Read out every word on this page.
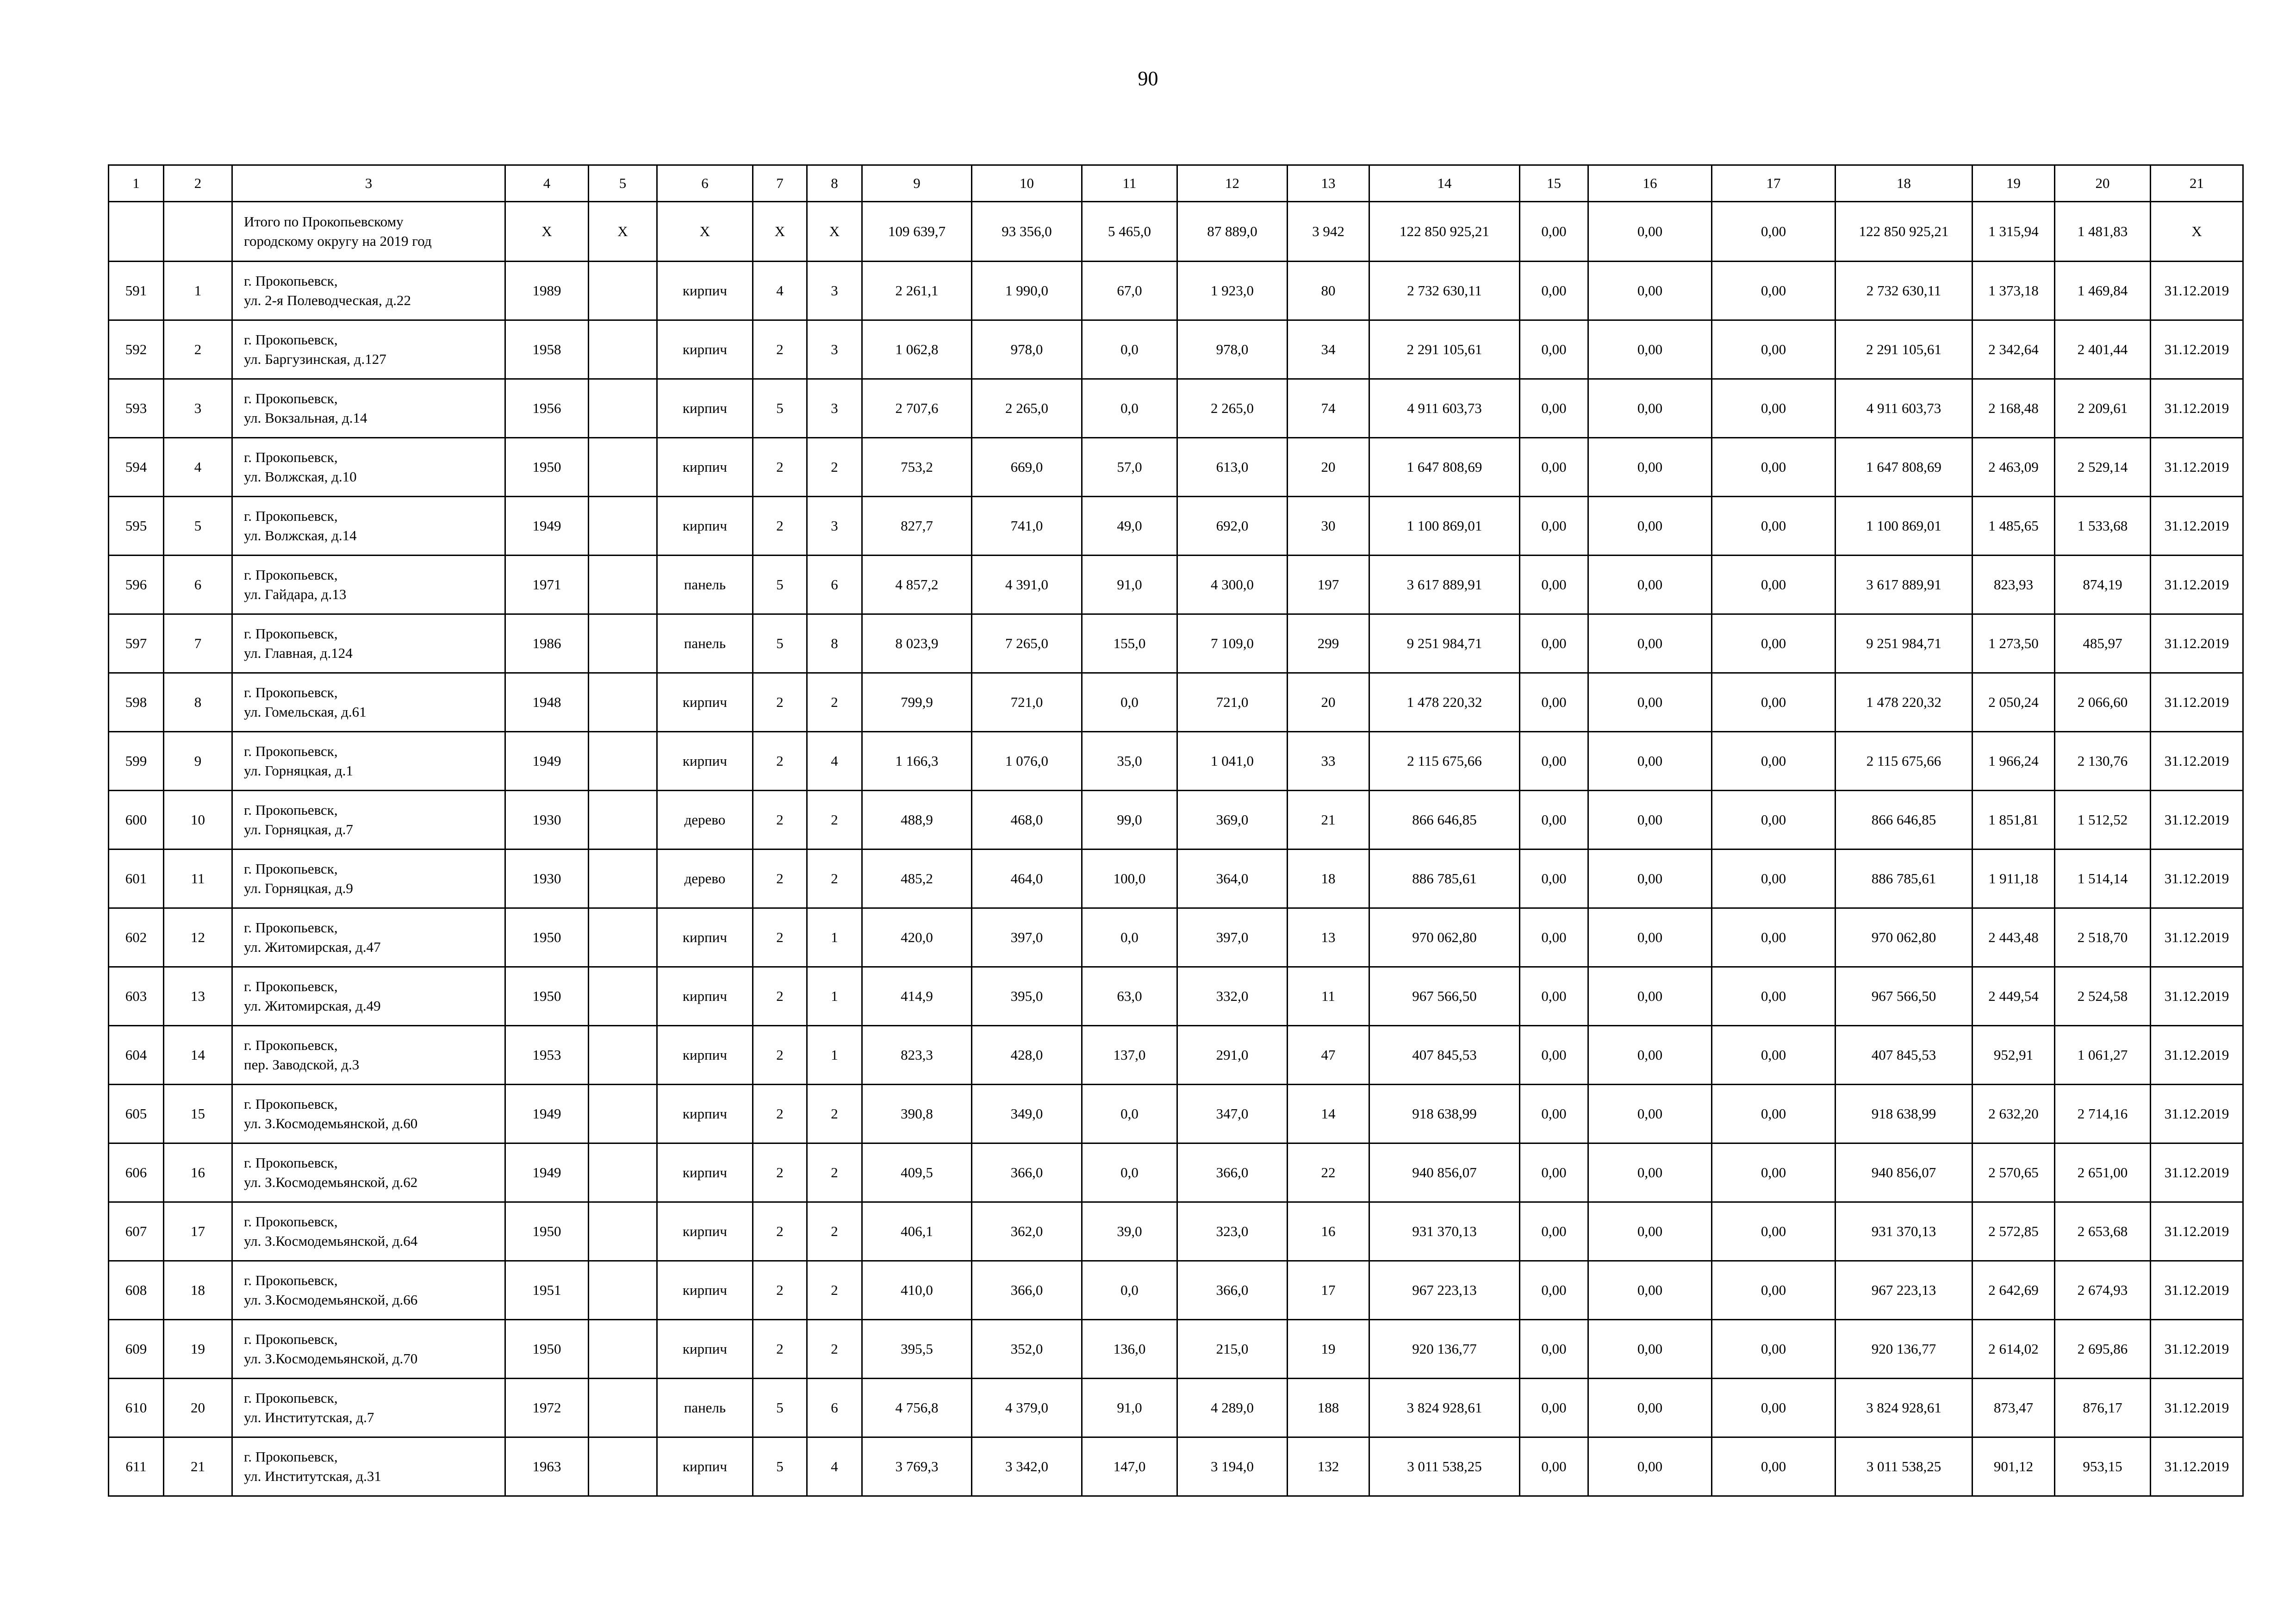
90
1	2	3	4	5	6	7	8	9	10	11	12	13	14	15	16	17	18	19	20	21

		Итого по Прокопьевскому
городскому округу на 2019 год	X	X	X	X	X	109 639,7	93 356,0	5 465,0	87 889,0	3 942	122 850 925,21	0,00	0,00	0,00	122 850 925,21	1 315,94	1 481,83	X
591	1	г. Прокопьевск,
ул. 2-я Полеводческая, д.22	1989		кирпич	4	3	2 261,1	1 990,0	67,0	1 923,0	80	2 732 630,11	0,00	0,00	0,00	2 732 630,11	1 373,18	1 469,84	31.12.2019
592	2	г. Прокопьевск,
ул. Баргузинская, д.127	1958		кирпич	2	3	1 062,8	978,0	0,0	978,0	34	2 291 105,61	0,00	0,00	0,00	2 291 105,61	2 342,64	2 401,44	31.12.2019
593	3	г. Прокопьевск,
ул. Вокзальная, д.14	1956		кирпич	5	3	2 707,6	2 265,0	0,0	2 265,0	74	4 911 603,73	0,00	0,00	0,00	4 911 603,73	2 168,48	2 209,61	31.12.2019
594	4	г. Прокопьевск,
ул. Волжская, д.10	1950		кирпич	2	2	753,2	669,0	57,0	613,0	20	1 647 808,69	0,00	0,00	0,00	1 647 808,69	2 463,09	2 529,14	31.12.2019
595	5	г. Прокопьевск,
ул. Волжская, д.14	1949		кирпич	2	3	827,7	741,0	49,0	692,0	30	1 100 869,01	0,00	0,00	0,00	1 100 869,01	1 485,65	1 533,68	31.12.2019
596	6	г. Прокопьевск,
ул. Гайдара, д.13	1971		панель	5	6	4 857,2	4 391,0	91,0	4 300,0	197	3 617 889,91	0,00	0,00	0,00	3 617 889,91	823,93	874,19	31.12.2019
597	7	г. Прокопьевск,
ул. Главная, д.124	1986		панель	5	8	8 023,9	7 265,0	155,0	7 109,0	299	9 251 984,71	0,00	0,00	0,00	9 251 984,71	1 273,50	485,97	31.12.2019
598	8	г. Прокопьевск,
ул. Гомельская, д.61	1948		кирпич	2	2	799,9	721,0	0,0	721,0	20	1 478 220,32	0,00	0,00	0,00	1 478 220,32	2 050,24	2 066,60	31.12.2019
599	9	г. Прокопьевск,
ул. Горняцкая, д.1	1949		кирпич	2	4	1 166,3	1 076,0	35,0	1 041,0	33	2 115 675,66	0,00	0,00	0,00	2 115 675,66	1 966,24	2 130,76	31.12.2019
600	10	г. Прокопьевск,
ул. Горняцкая, д.7	1930		дерево	2	2	488,9	468,0	99,0	369,0	21	866 646,85	0,00	0,00	0,00	866 646,85	1 851,81	1 512,52	31.12.2019
601	11	г. Прокопьевск,
ул. Горняцкая, д.9	1930		дерево	2	2	485,2	464,0	100,0	364,0	18	886 785,61	0,00	0,00	0,00	886 785,61	1 911,18	1 514,14	31.12.2019
602	12	г. Прокопьевск,
ул. Житомирская, д.47	1950		кирпич	2	1	420,0	397,0	0,0	397,0	13	970 062,80	0,00	0,00	0,00	970 062,80	2 443,48	2 518,70	31.12.2019
603	13	г. Прокопьевск,
ул. Житомирская, д.49	1950		кирпич	2	1	414,9	395,0	63,0	332,0	11	967 566,50	0,00	0,00	0,00	967 566,50	2 449,54	2 524,58	31.12.2019
604	14	г. Прокопьевск,
пер. Заводской, д.3	1953		кирпич	2	1	823,3	428,0	137,0	291,0	47	407 845,53	0,00	0,00	0,00	407 845,53	952,91	1 061,27	31.12.2019
605	15	г. Прокопьевск,
ул. З.Космодемьянской, д.60	1949		кирпич	2	2	390,8	349,0	0,0	347,0	14	918 638,99	0,00	0,00	0,00	918 638,99	2 632,20	2 714,16	31.12.2019
606	16	г. Прокопьевск,
ул. З.Космодемьянской, д.62	1949		кирпич	2	2	409,5	366,0	0,0	366,0	22	940 856,07	0,00	0,00	0,00	940 856,07	2 570,65	2 651,00	31.12.2019
607	17	г. Прокопьевск,
ул. З.Космодемьянской, д.64	1950		кирпич	2	2	406,1	362,0	39,0	323,0	16	931 370,13	0,00	0,00	0,00	931 370,13	2 572,85	2 653,68	31.12.2019
608	18	г. Прокопьевск,
ул. З.Космодемьянской, д.66	1951		кирпич	2	2	410,0	366,0	0,0	366,0	17	967 223,13	0,00	0,00	0,00	967 223,13	2 642,69	2 674,93	31.12.2019
609	19	г. Прокопьевск,
ул. З.Космодемьянской, д.70	1950		кирпич	2	2	395,5	352,0	136,0	215,0	19	920 136,77	0,00	0,00	0,00	920 136,77	2 614,02	2 695,86	31.12.2019
610	20	г. Прокопьевск,
ул. Институтская, д.7	1972		панель	5	6	4 756,8	4 379,0	91,0	4 289,0	188	3 824 928,61	0,00	0,00	0,00	3 824 928,61	873,47	876,17	31.12.2019
611	21	г. Прокопьевск,
ул. Институтская, д.31	1963		кирпич	5	4	3 769,3	3 342,0	147,0	3 194,0	132	3 011 538,25	0,00	0,00	0,00	3 011 538,25	901,12	953,15	31.12.2019
